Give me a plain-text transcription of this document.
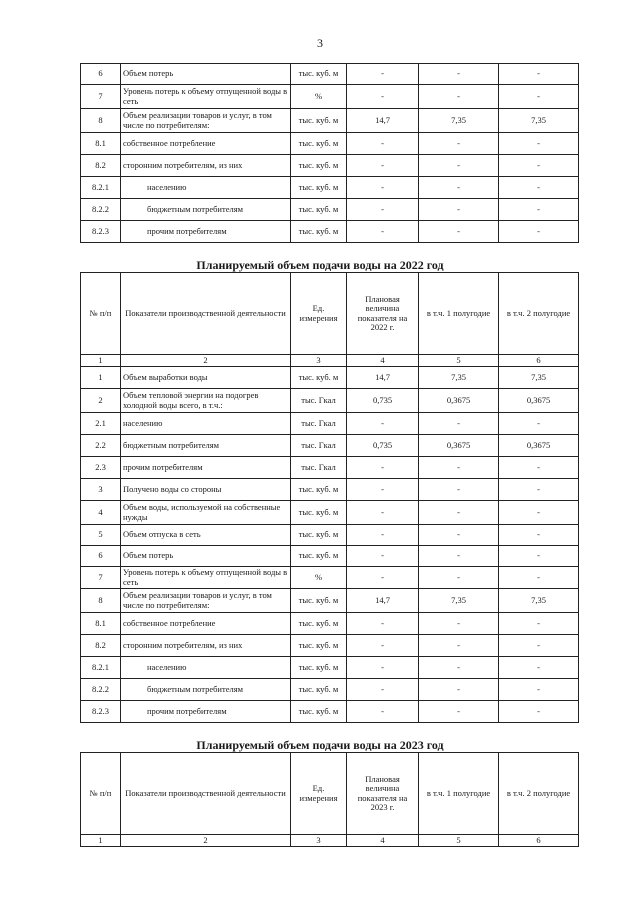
3
6	Объем потерь	тыс. куб. м	-	-	-
7	Уровень потерь к объему отпущенной воды в сеть	%	-	-	-
8	Объем реализации товаров и услуг, в том числе по потребителям:	тыс. куб. м	14,7	7,35	7,35
8.1	собственное потребление	тыс. куб. м	-	-	-
8.2	сторонним потребителям, из них	тыс. куб. м	-	-	-
8.2.1	населению	тыс. куб. м	-	-	-
8.2.2	бюджетным потребителям	тыс. куб. м	-	-	-
8.2.3	прочим потребителям	тыс. куб. м	-	-	-
Планируемый объем подачи воды на 2022 год
№ п/п	Показатели производственной деятельности	Ед. измерения	Плановая величина показателя на 2022 г.	в т.ч. 1 полугодие	в т.ч. 2 полугодие
1	2	3	4	5	6
1	Объем выработки воды	тыс. куб. м	14,7	7,35	7,35
2	Объем тепловой энергии на подогрев холодной воды всего, в т.ч.:	тыс. Гкал	0,735	0,3675	0,3675
2.1	населению	тыс. Гкал	-	-	-
2.2	бюджетным потребителям	тыс. Гкал	0,735	0,3675	0,3675
2.3	прочим потребителям	тыс. Гкал	-	-	-
3	Получено воды со стороны	тыс. куб. м	-	-	-
4	Объем воды, используемой на собственные нужды	тыс. куб. м	-	-	-
5	Объем отпуска в сеть	тыс. куб. м	-	-	-
6	Объем потерь	тыс. куб. м	-	-	-
7	Уровень потерь к объему отпущенной воды в сеть	%	-	-	-
8	Объем реализации товаров и услуг, в том числе по потребителям:	тыс. куб. м	14,7	7,35	7,35
8.1	собственное потребление	тыс. куб. м	-	-	-
8.2	сторонним потребителям, из них	тыс. куб. м	-	-	-
8.2.1	населению	тыс. куб. м	-	-	-
8.2.2	бюджетным потребителям	тыс. куб. м	-	-	-
8.2.3	прочим потребителям	тыс. куб. м	-	-	-
Планируемый объем подачи воды на 2023 год
№ п/п	Показатели производственной деятельности	Ед. измерения	Плановая величина показателя на 2023 г.	в т.ч. 1 полугодие	в т.ч. 2 полугодие
1	2	3	4	5	6
